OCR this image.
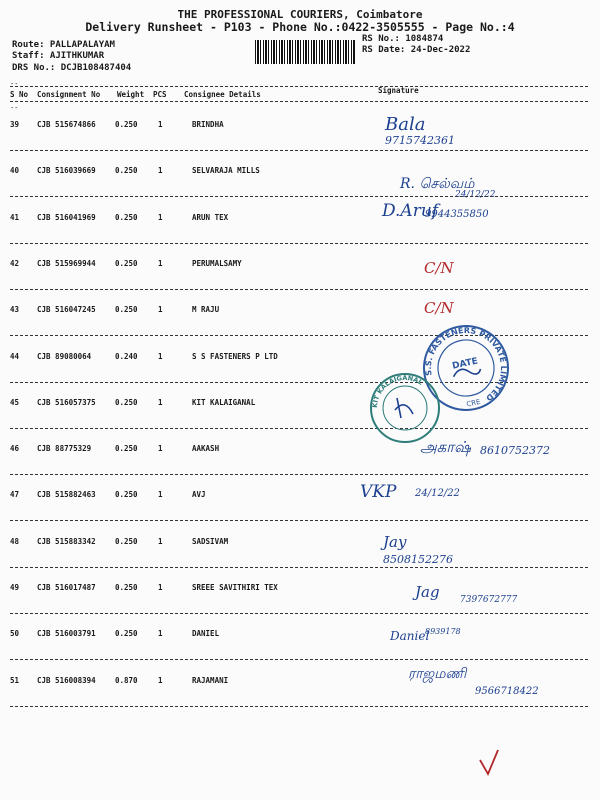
THE PROFESSIONAL COURIERS, Coimbatore
Delivery Runsheet - P103 - Phone No.:0422-3505555 - Page No.:4
Route: PALLAPALAYAM
Staff: AJITHKUMAR
DRS No.: DCJB108487404
RS No.: 1084874
RS Date: 24-Dec-2022
--
--
S No Consignment No Weight PCS Consignee Details	Signature
39 CJB 515674866	0.250	1	BRINDHA	Bala
9715742361
40 CJB 516039669	0.250	1	SELVARAJA MILLS
R. செல்வம்
24/12/22
41 CJB 516041969	0.250	1	ARUN TEX	D.Aruf
9944355850
42 CJB 515969944	0.250	1	PERUMALSAMY	C/N
43 CJB 516047245	0.250	1	M RAJU	C/N
44 CJB 89080064	0.240	1	S S FASTENERS P LTD
45 CJB 516057375	0.250	1	KIT KALAIGANAL
46 CJB 88775329	0.250	1	AAKASH	அகாஷ் 8610752372
47 CJB 515882463	0.250	1	AVJ	VKP 24/12/22
48 CJB 515883342	0.250	1	SADSIVAM	Jay
8508152276
49 CJB 516017487	0.250	1	SREEE SAVITHIRI TEX	Jag 7397672777
50 CJB 516003791	0.250	1	DANIEL	Daniel
8939178
51 CJB 516008394	0.870	1	RAJAMANI	ராஜமணி
9566718422
S.S. FASTENERS PRIVATE LIMITED
DATE
CRE
KIT KALAIGANAL
